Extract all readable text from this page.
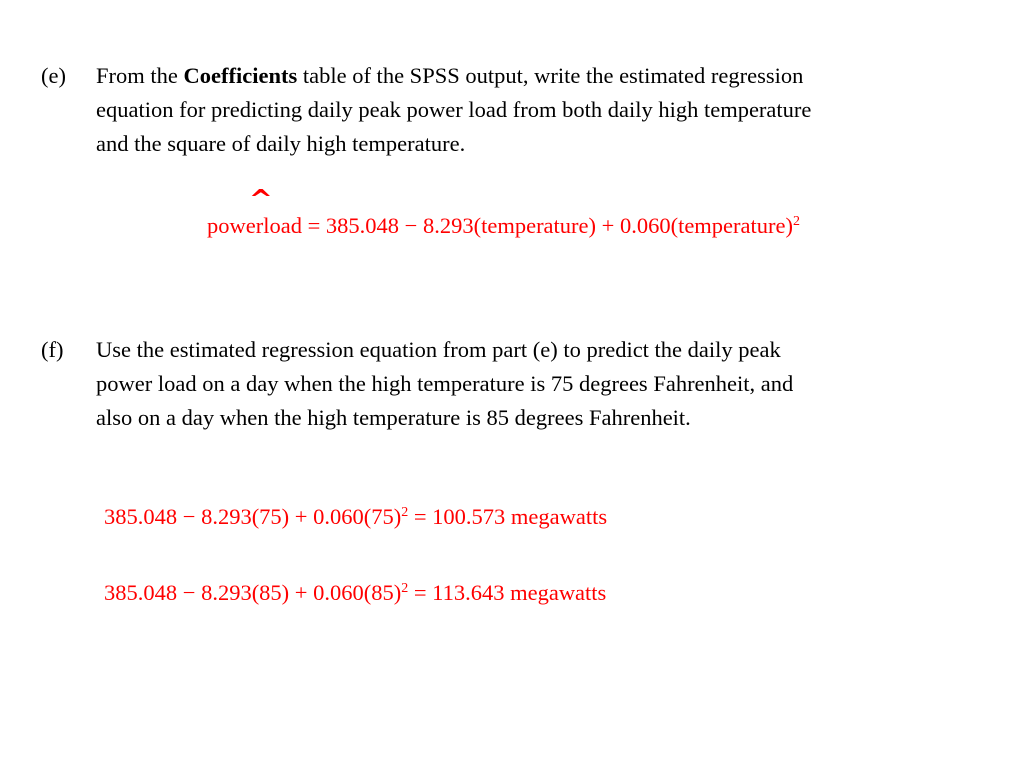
(e) From the Coefficients table of the SPSS output, write the estimated regression
equation for predicting daily peak power load from both daily high temperature
and the square of daily high temperature.
^
powerload = 385.048 − 8.293(temperature) + 0.060(temperature)$^2$
(f) Use the estimated regression equation from part (e) to predict the daily peak
power load on a day when the high temperature is 75 degrees Fahrenheit, and
also on a day when the high temperature is 85 degrees Fahrenheit.
$385.048 - 8.293(75) + 0.060(75)^2 = 100.573$ megawatts
$385.048 - 8.293(85) + 0.060(85)^2 = 113.643$ megawatts
